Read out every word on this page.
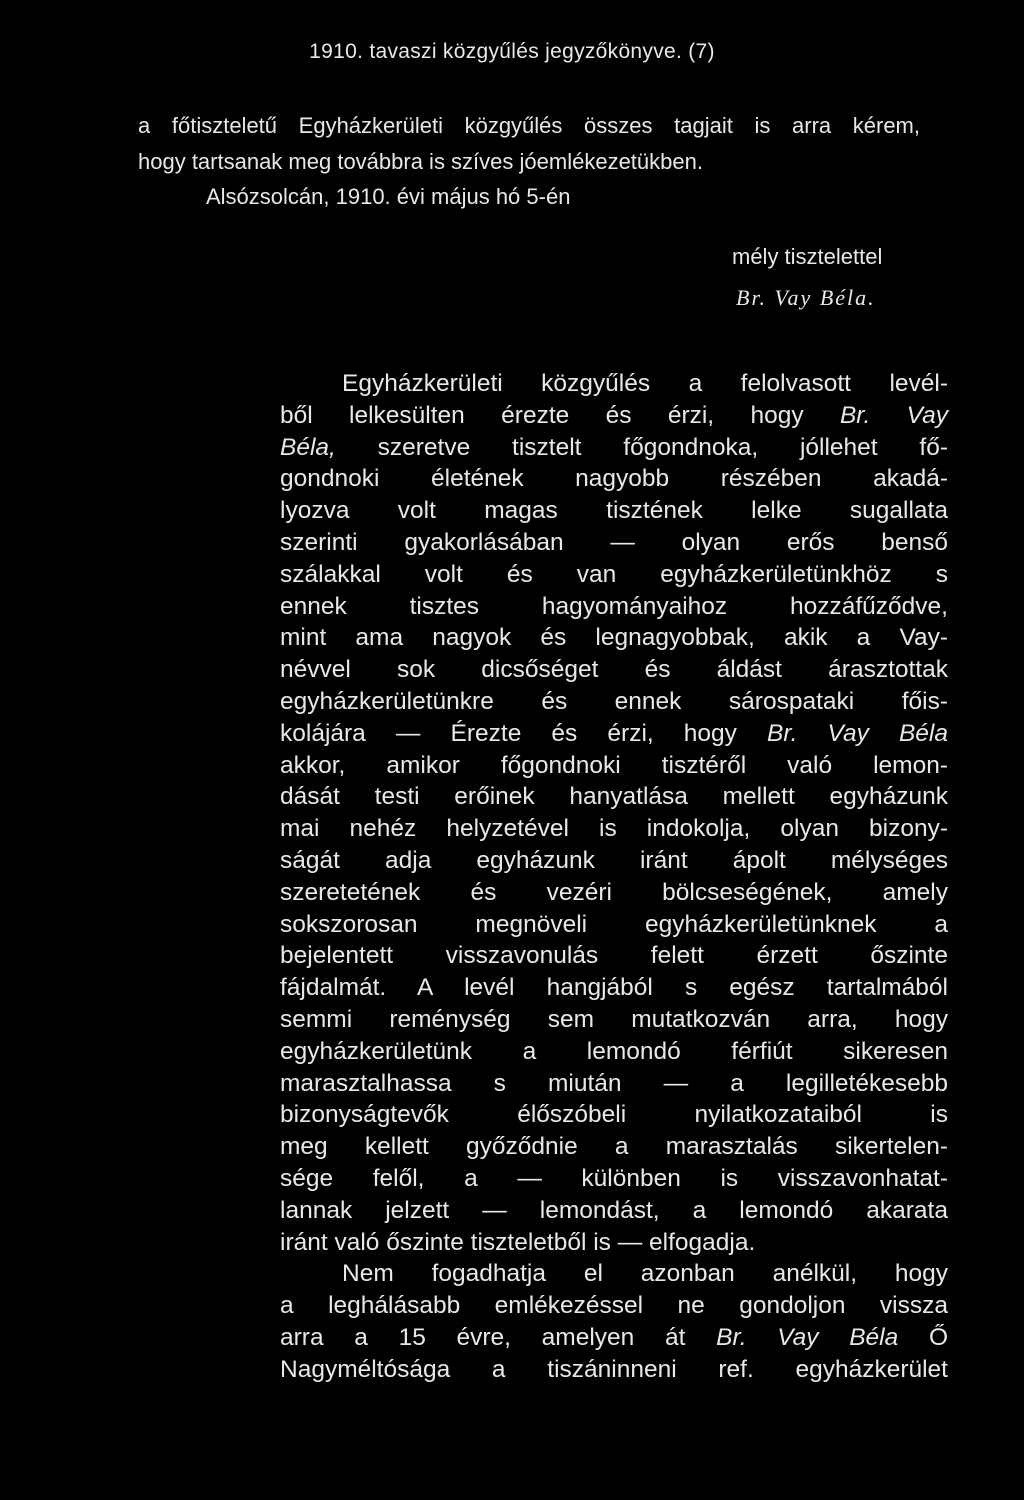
1910. tavaszi közgyűlés jegyzőkönyve. (7)
a főtiszteletű Egyházkerületi közgyűlés összes tagjait is arra kérem,
hogy tartsanak meg továbbra is szíves jóemlékezetükben.
Alsózsolcán, 1910. évi május hó 5-én
mély tisztelettel
Br. Vay Béla.
Egyházkerületi közgyűlés a felolvasott levél-
ből lelkesülten érezte és érzi, hogy Br. Vay
Béla, szeretve tisztelt főgondnoka, jóllehet fő-
gondnoki életének nagyobb részében akadá-
lyozva volt magas tisztének lelke sugallata
szerinti gyakorlásában — olyan erős benső
szálakkal volt és van egyházkerületünkhöz s
ennek tisztes hagyományaihoz hozzáfűződve,
mint ama nagyok és legnagyobbak, akik a Vay-
névvel sok dicsőséget és áldást árasztottak
egyházkerületünkre és ennek sárospataki főis-
kolájára — Érezte és érzi, hogy Br. Vay Béla
akkor, amikor főgondnoki tisztéről való lemon-
dását testi erőinek hanyatlása mellett egyházunk
mai nehéz helyzetével is indokolja, olyan bizony-
ságát adja egyházunk iránt ápolt mélységes
szeretetének és vezéri bölcseségének, amely
sokszorosan megnöveli egyházkerületünknek a
bejelentett visszavonulás felett érzett őszinte
fájdalmát. A levél hangjából s egész tartalmából
semmi reménység sem mutatkozván arra, hogy
egyházkerületünk a lemondó férfiút sikeresen
marasztalhassa s miután — a legilletékesebb
bizonyságtevők élőszóbeli nyilatkozataiból is
meg kellett győződnie a marasztalás sikertelen-
sége felől, a — különben is visszavonhatat-
lannak jelzett — lemondást, a lemondó akarata
iránt való őszinte tiszteletből is — elfogadja.
Nem fogadhatja el azonban anélkül, hogy
a leghálásabb emlékezéssel ne gondoljon vissza
arra a 15 évre, amelyen át Br. Vay Béla Ő
Nagyméltósága a tiszáninneni ref. egyházkerület
